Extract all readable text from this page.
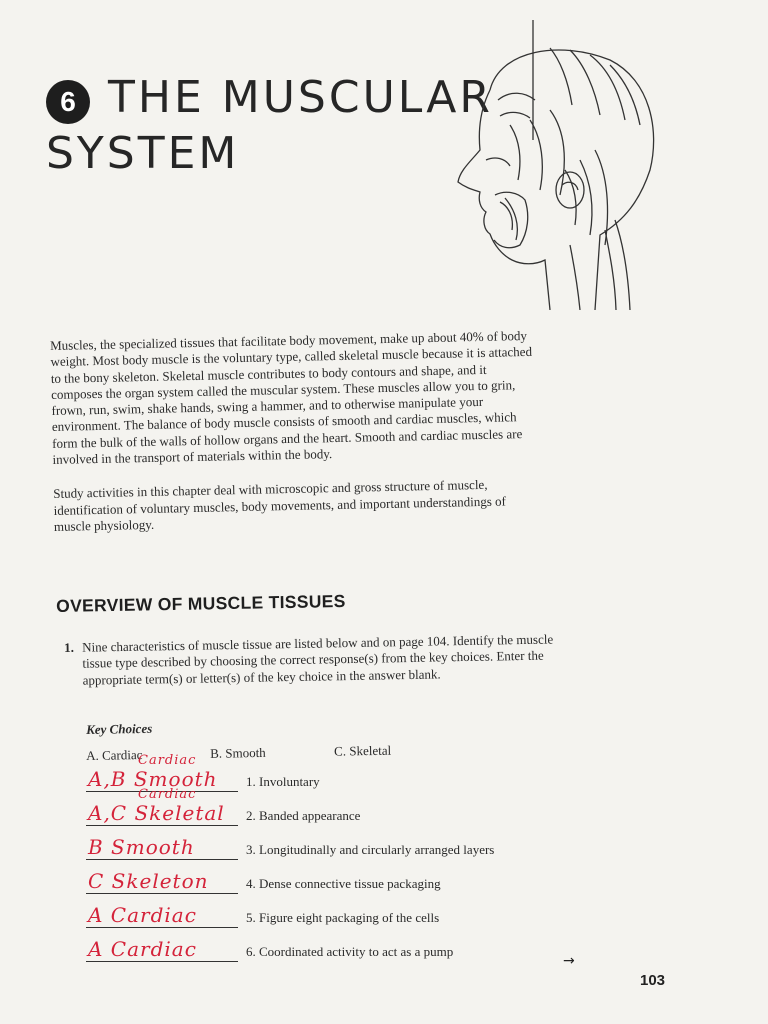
6 THE MUSCULAR
SYSTEM

Muscles, the specialized tissues that facilitate body movement, make up about 40% of body weight. Most body muscle is the voluntary type, called skeletal muscle because it is attached to the bony skeleton. Skeletal muscle contributes to body contours and shape, and it composes the organ system called the muscular system. These muscles allow you to grin, frown, run, swim, shake hands, swing a hammer, and to otherwise manipulate your environment. The balance of body muscle consists of smooth and cardiac muscles, which form the bulk of the walls of hollow organs and the heart. Smooth and cardiac muscles are involved in the transport of materials within the body.

Study activities in this chapter deal with microscopic and gross structure of muscle, identification of voluntary muscles, body movements, and important understandings of muscle physiology.

OVERVIEW OF MUSCLE TISSUES
1. Nine characteristics of muscle tissue are listed below and on page 104. Identify the muscle tissue type described by choosing the correct response(s) from the key choices. Enter the appropriate term(s) or letter(s) of the key choice in the answer blank.
Key Choices
A. Cardiac	B. Smooth	C. Skeletal
Cardiac
A,B Smooth 1. Involuntary
Cardiac
A,C Skeletal 2. Banded appearance
B Smooth	3. Longitudinally and circularly arranged layers
C Skeleton	4. Dense connective tissue packaging
A Cardiac	5. Figure eight packaging of the cells
A Cardiac	6. Coordinated activity to act as a pump
→
103
